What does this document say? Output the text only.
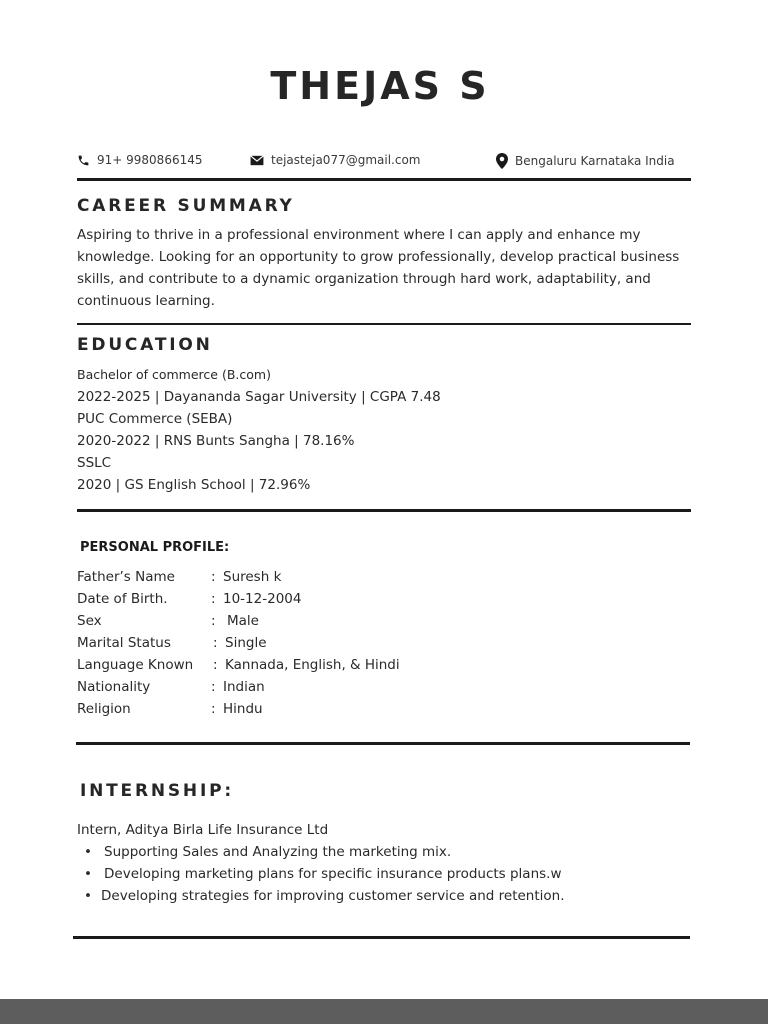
THEJAS S
91+ 9980866145	tejasteja077@gmail.com	Bengaluru Karnataka India
CAREER SUMMARY
Aspiring to thrive in a professional environment where I can apply and enhance my knowledge. Looking for an opportunity to grow professionally, develop practical business skills, and contribute to a dynamic organization through hard work, adaptability, and continuous learning.
EDUCATION
Bachelor of commerce (B.com)
2022-2025 | Dayananda Sagar University | CGPA 7.48
PUC Commerce (SEBA)
2020-2022 | RNS Bunts Sangha | 78.16%
SSLC
2020 | GS English School | 72.96%
PERSONAL PROFILE:
Father’s Name	: Suresh k
Date of Birth.	: 10-12-2004
Sex	: Male
Marital Status	: Single
Language Known : Kannada, English, & Hindi
Nationality	: Indian
Religion	: Hindu
INTERNSHIP:
Intern, Aditya Birla Life Insurance Ltd
• Supporting Sales and Analyzing the marketing mix.
• Developing marketing plans for specific insurance products plans.w
• Developing strategies for improving customer service and retention.
